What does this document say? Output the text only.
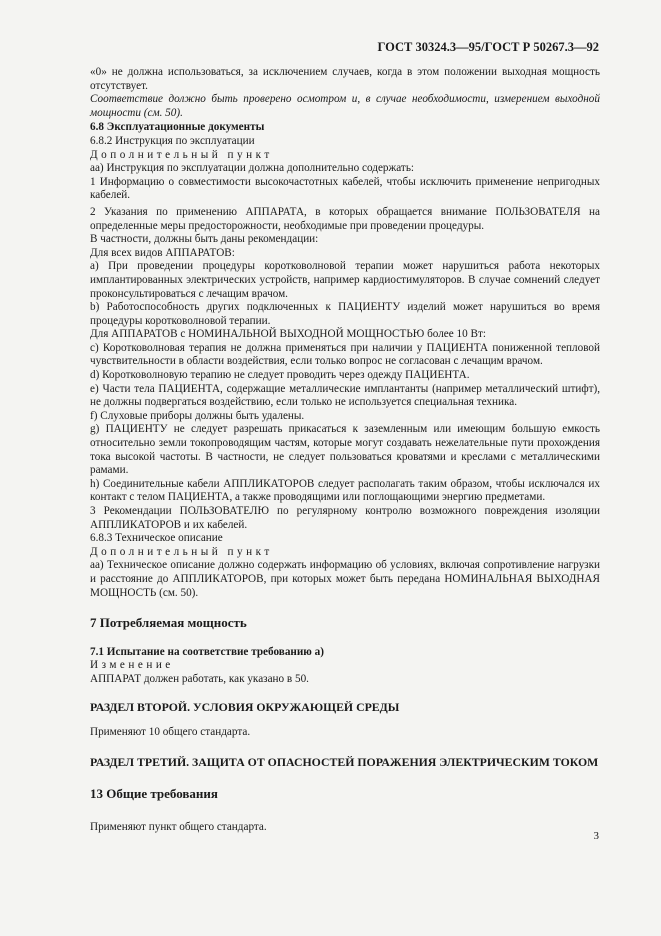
ГОСТ 30324.3—95/ГОСТ Р 50267.3—92

«0» не должна использоваться, за исключением случаев, когда в этом положении выходная мощность отсутствует.

Соответствие должно быть проверено осмотром и, в случае необходимости, измерением выходной мощности (см. 50).

6.8 Эксплуатационные документы

6.8.2 Инструкция по эксплуатации

Дополнительный пункт

аа) Инструкция по эксплуатации должна дополнительно содержать:

1 Информацию о совместимости высокочастотных кабелей, чтобы исключить применение непригодных кабелей.

2 Указания по применению АППАРАТА, в которых обращается внимание ПОЛЬЗОВАТЕЛЯ на определенные меры предосторожности, необходимые при проведении процедуры.

В частности, должны быть даны рекомендации:

Для всех видов АППАРАТОВ:

a) При проведении процедуры коротковолновой терапии может нарушиться работа некоторых имплантированных электрических устройств, например кардиостимуляторов. В случае сомнений следует проконсультироваться с лечащим врачом.

b) Работоспособность других подключенных к ПАЦИЕНТУ изделий может нарушиться во время процедуры коротковолновой терапии.

Для АППАРАТОВ с НОМИНАЛЬНОЙ ВЫХОДНОЙ МОЩНОСТЬЮ более 10 Вт:

c) Коротковолновая терапия не должна применяться при наличии у ПАЦИЕНТА пониженной тепловой чувствительности в области воздействия, если только вопрос не согласован с лечащим врачом.

d) Коротковолновую терапию не следует проводить через одежду ПАЦИЕНТА.

e) Части тела ПАЦИЕНТА, содержащие металлические имплантанты (например металлический штифт), не должны подвергаться воздействию, если только не используется специальная техника.

f) Слуховые приборы должны быть удалены.

g) ПАЦИЕНТУ не следует разрешать прикасаться к заземленным или имеющим большую емкость относительно земли токопроводящим частям, которые могут создавать нежелательные пути прохождения тока высокой частоты. В частности, не следует пользоваться кроватями и креслами с металлическими рамами.

h) Соединительные кабели АППЛИКАТОРОВ следует располагать таким образом, чтобы исключался их контакт с телом ПАЦИЕНТА, а также проводящими или поглощающими энергию предметами.

3 Рекомендации ПОЛЬЗОВАТЕЛЮ по регулярному контролю возможного повреждения изоляции АППЛИКАТОРОВ и их кабелей.

6.8.3 Техническое описание

Дополнительный пункт

аа) Техническое описание должно содержать информацию об условиях, включая сопротивление нагрузки и расстояние до АППЛИКАТОРОВ, при которых может быть передана НОМИНАЛЬНАЯ ВЫХОДНАЯ МОЩНОСТЬ (см. 50).

7 Потребляемая мощность

7.1 Испытание на соответствие требованию а)

Изменение

АППАРАТ должен работать, как указано в 50.

РАЗДЕЛ ВТОРОЙ. УСЛОВИЯ ОКРУЖАЮЩЕЙ СРЕДЫ

Применяют 10 общего стандарта.

РАЗДЕЛ ТРЕТИЙ. ЗАЩИТА ОТ ОПАСНОСТЕЙ ПОРАЖЕНИЯ ЭЛЕКТРИЧЕСКИМ ТОКОМ
13 Общие требования

Применяют пункт общего стандарта.

3
